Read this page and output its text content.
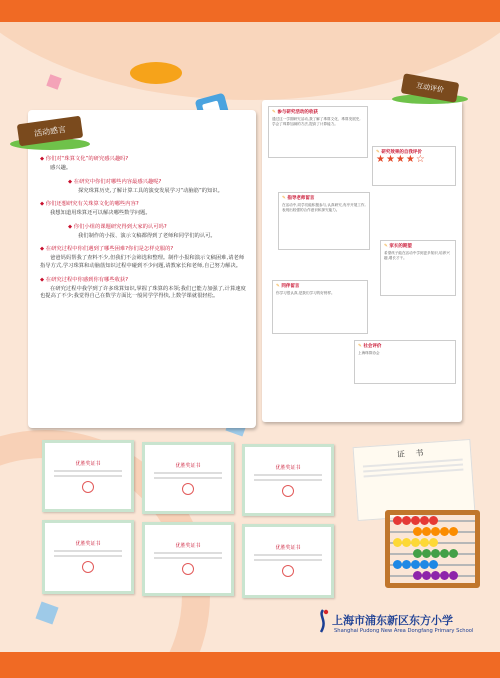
◆ 你们对“珠算文化”的研究感兴趣吗?
感兴趣。
◆ 在研究中你们对哪些内容最感兴趣呢?
探究珠算历史,了解计算工具的演变发展学习“动脑筋”的知识。
◆ 你们还想研究有关珠算文化的哪些内容?
我想知道用珠算还可以解决哪些数学问题。
◆ 你们小组的课题研究得到大家的认可吗?
我们制作的小报、演示文稿都得到了老师和同学们的认可。
◆ 在研究过程中你们遇到了哪些困难?你们是怎样克服的?
爸爸妈妈帮我了查料不少,但我们不会筛选和整理。制作小报和演示文稿困难,请老师指导方式,学习珠算和动脑筋知识过程中碰到不少问题,请教家长和老师,自己努力解决。
◆ 在研究过程中你感到你有哪些收获?
在研究过程中我学到了许多珠算知识,掌握了珠算的本领;我们已能力加强了,计算速度也提高了不少;我觉得自己在数学方面比一般同学学得快,上数学课就很轻松。
活动感言
✎ 参与研究活动的收获
通过这一学期研究活动,我了解了珠算文化、珠算发展史,学会了珠算加减的方法,提高了计算能力。
✎ 研究效果的自我评价
★★★★☆
✎ 指导老师留言
在活动中,同学们能积极参与,认真研究,有序开展工作,表现出较强的合作意识和探究能力。
✎ 家长的期望
希望孩子能在活动中学到更多知识,培养兴趣,增长才干。
✎ 同伴留言
你学习很认真,是我们学习的好榜样。
✎ 社会评价
上海珠算协会
互动评价
优胜奖证书	优胜奖证书	优胜奖证书
优胜奖证书	优胜奖证书	优胜奖证书
证 书
上海市浦东新区东方小学
Shanghai Pudong New Area Dongfang Primary School
